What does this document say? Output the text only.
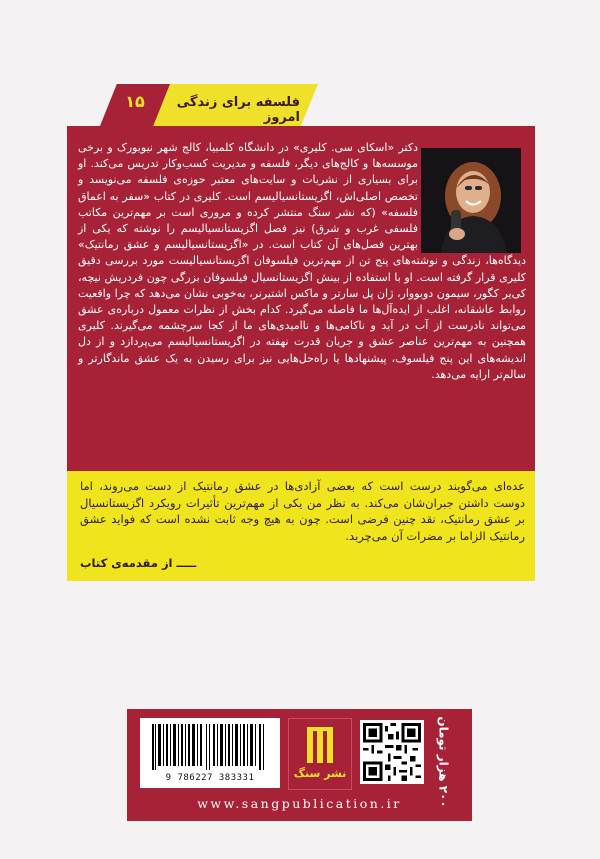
فلسفه برای زندگی امروز
۱۵
دکتر «اسکای سی. کلیری» در دانشگاه کلمبیا، کالج شهر نیویورک و برخی موسسه‌ها و کالج‌های دیگر، فلسفه و مدیریت کسب‌وکار تدریس می‌کند. او برای بسیاری از نشریات و سایت‌های معتبر حوزه‌ی فلسفه می‌نویسد و تخصص اصلی‌اش، اگزیستانسیالیسم است. کلیری در کتاب «سفر به اعماق فلسفه» (که نشر سنگ منتشر کرده و مروری است بر مهم‌ترین مکاتب فلسفی غرب و شرق) نیز فصل اگزیستانسیالیسم را نوشته که یکی از بهترین فصل‌های آن کتاب است. در «اگزیستانسیالیسم و عشق رمانتیک» دیدگاه‌ها، زندگی و نوشته‌های پنج تن از مهم‌ترین فیلسوفان اگزیستانسیالیست مورد بررسی دقیق کلیری قرار گرفته است. او با استفاده از بینش اگزیستانسیال فیلسوفان بزرگی چون فردریش نیچه، کی‌یر کگور، سیمون دوبووار، ژان پل سارتر و ماکس اشتیرنر، به‌خوبی نشان می‌دهد که چرا واقعیت روابط عاشقانه، اغلب از ایده‌آل‌ها ما فاصله می‌گیرد. کدام بخش از نظرات معمول درباره‌ی عشق می‌تواند نادرست از آب در آید و ناکامی‌ها و ناامیدی‌های ما از کجا سرچشمه می‌گیرند. کلیری همچنین به مهم‌ترین عناصر عشق و جریان قدرت نهفته در اگزیستانسیالیسم می‌پردازد و از دل اندیشه‌های این پنج فیلسوف، پیشنهادها یا راه‌حل‌هایی نیز برای رسیدن به یک عشق ماندگارتر و سالم‌تر ارایه می‌دهد.
عده‌ای می‌گویند درست است که بعضی آزادی‌ها در عشق رمانتیک از دست می‌روند، اما دوست داشتن جبران‌شان می‌کند. به نظر من یکی از مهم‌ترین تأثیرات رویکرد اگزیستانسیال بر عشق رمانتیک، نقد چنین فرضی است. چون به هیچ وجه ثابت نشده است که فواید عشق رمانتیک الزاما بر مضرات آن می‌چربد.
ـــــ از مقدمه‌ی کتاب
۲۰۰ هزار تومان
نشر سنگ
9 786227 383331
www.sangpublication.ir
